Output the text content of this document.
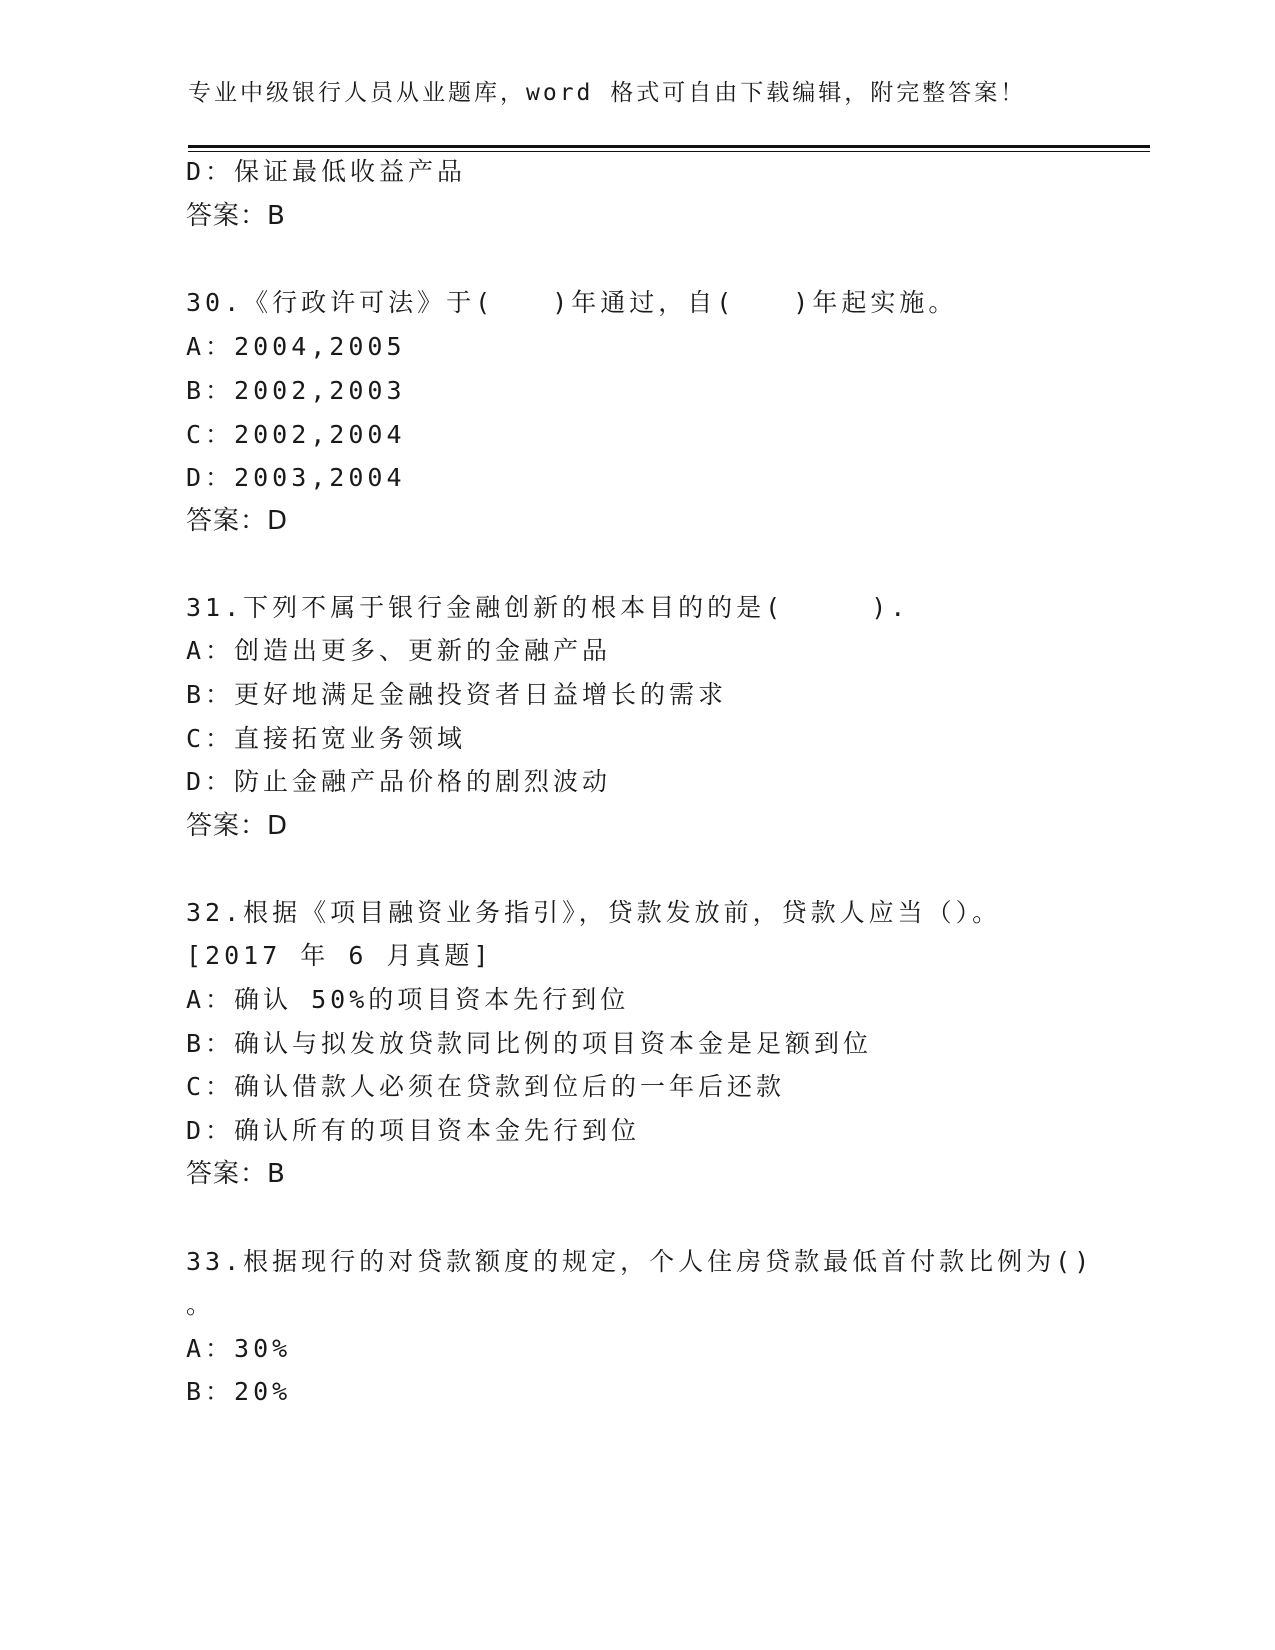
专业中级银行人员从业题库，word 格式可自由下载编辑，附完整答案！
D：保证最低收益产品
答案：B
30.《行政许可法》于(　　)年通过，自(　　)年起实施。
A：2004,2005
B：2002,2003
C：2002,2004
D：2003,2004
答案：D
31.下列不属于银行金融创新的根本目的的是(　　　).
A：创造出更多、更新的金融产品
B：更好地满足金融投资者日益增长的需求
C：直接拓宽业务领域
D：防止金融产品价格的剧烈波动
答案：D
32.根据《项目融资业务指引》，贷款发放前，贷款人应当（）。
[2017 年 6 月真题]
A：确认 50%的项目资本先行到位
B：确认与拟发放贷款同比例的项目资本金是足额到位
C：确认借款人必须在贷款到位后的一年后还款
D：确认所有的项目资本金先行到位
答案：B
33.根据现行的对贷款额度的规定，个人住房贷款最低首付款比例为()
。
A：30%
B：20%
